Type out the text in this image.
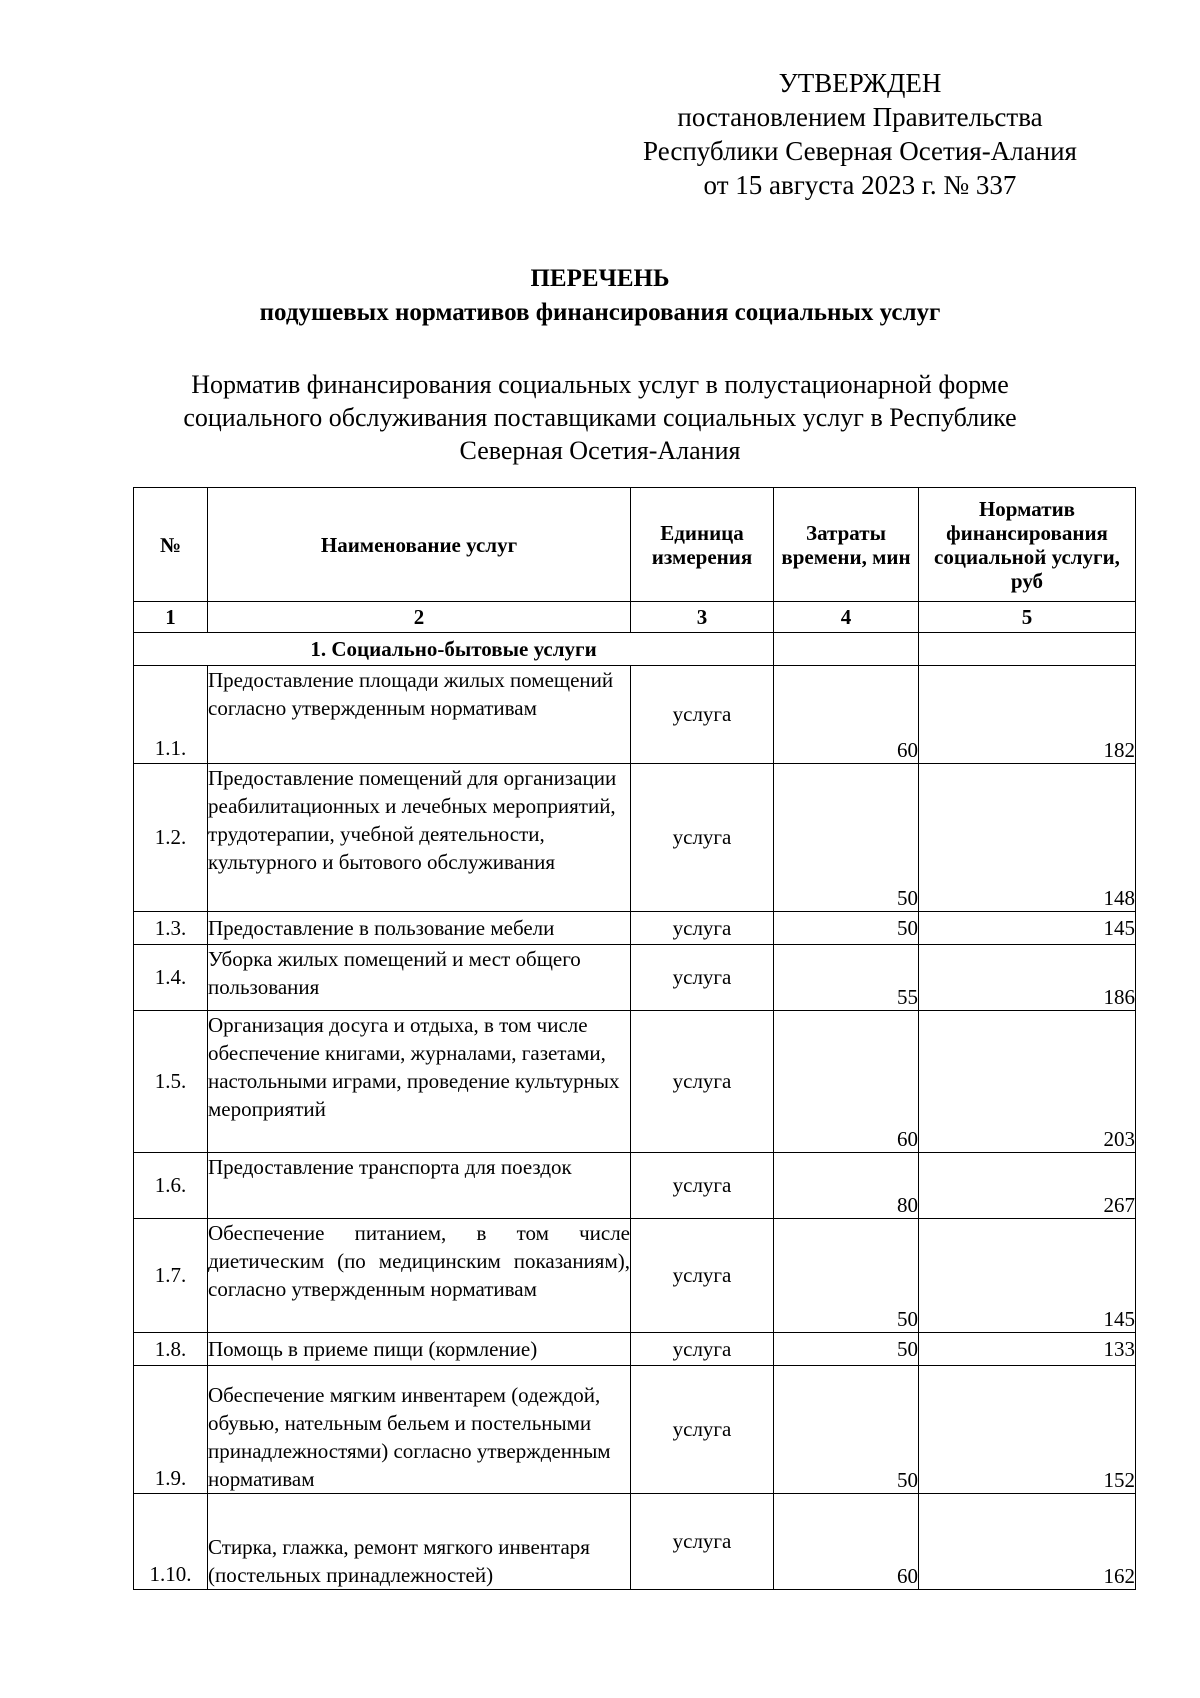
УТВЕРЖДЕН
постановлением Правительства
Республики Северная Осетия-Алания
от 15 августа 2023 г. № 337
ПЕРЕЧЕНЬ
подушевых нормативов финансирования социальных услуг
Норматив финансирования социальных услуг в полустационарной форме социального обслуживания поставщиками социальных услуг в Республике Северная Осетия-Алания
№	Наименование услуг	Единица измерения	Затраты времени, мин	Норматив финансирования социальной услуги, руб
1	2	3	4	5
1. Социально-бытовые услуги				
1.1.	Предоставление площади жилых помещений согласно утвержденным нормативам	услуга	60	182
1.2.	Предоставление помещений для организации реабилитационных и лечебных мероприятий, трудотерапии, учебной деятельности, культурного и бытового обслуживания	услуга	50	148
1.3.	Предоставление в пользование мебели	услуга	50	145
1.4.	Уборка жилых помещений и мест общего пользования	услуга	55	186
1.5.	Организация досуга и отдыха, в том числе обеспечение книгами, журналами, газетами, настольными играми, проведение культурных мероприятий	услуга	60	203
1.6.	Предоставление транспорта для поездок	услуга	80	267
1.7.	Обеспечение питанием, в том числе диетическим (по медицинским показаниям), согласно утвержденным нормативам	услуга	50	145
1.8.	Помощь в приеме пищи (кормление)	услуга	50	133
1.9.	Обеспечение мягким инвентарем (одеждой, обувью, нательным бельем и постельными принадлежностями) согласно утвержденным нормативам	услуга	50	152
1.10.	Стирка, глажка, ремонт мягкого инвентаря (постельных принадлежностей)	услуга	60	162
